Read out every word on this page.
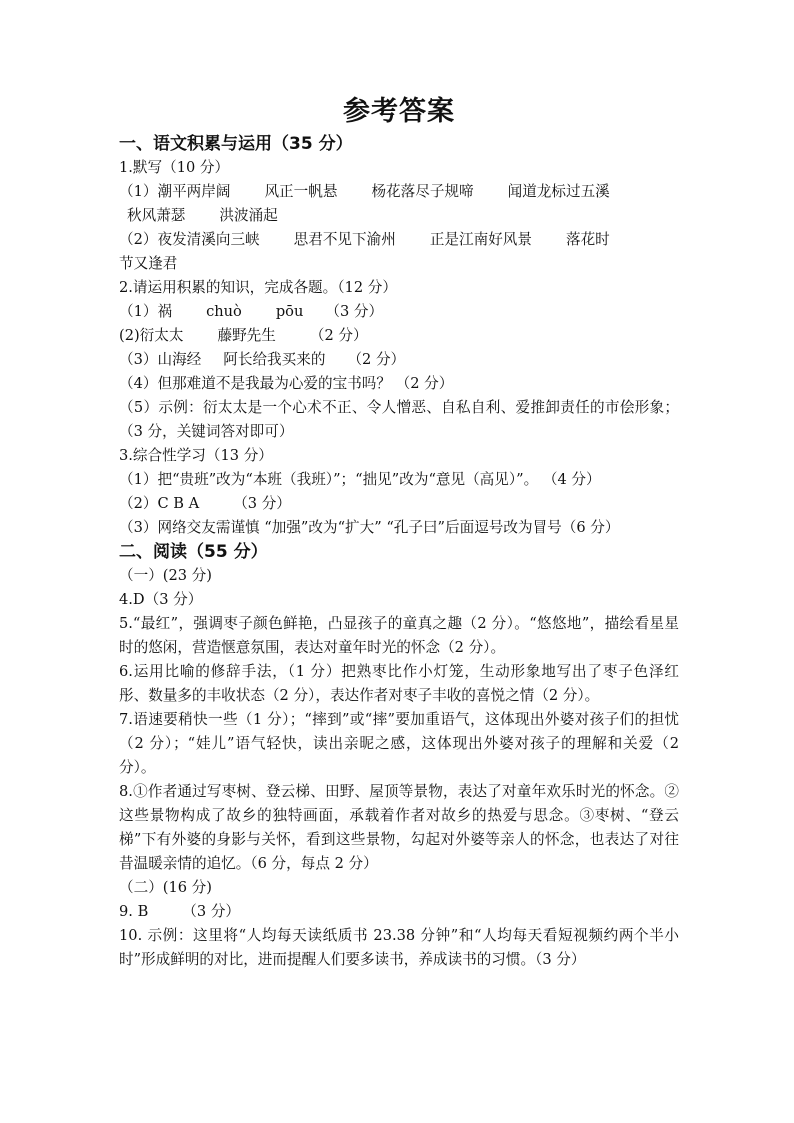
参考答案
一、语文积累与运用（35 分）
1.默写（10 分）
（1）潮平两岸阔 风正一帆悬 杨花落尽子规啼 闻道龙标过五溪
秋风萧瑟 洪波涌起
（2）夜发清溪向三峡 思君不见下渝州 正是江南好风景 落花时
节又逢君
2.请运用积累的知识，完成各题。（12 分）
（1）祸 chuò pōu （3 分）
(2)衍太太 藤野先生 （2 分）
（3）山海经 阿长给我买来的 （2 分）
（4）但那难道不是我最为心爱的宝书吗？ （2 分）
（5）示例：衍太太是一个心术不正、令人憎恶、自私自利、爱推卸责任的市侩形象；（3 分，关键词答对即可）
3.综合性学习（13 分）
（1）把“贵班”改为“本班（我班）”；“拙见”改为“意见（高见）”。 （4 分）
（2）C B A （3 分）
（3）网络交友需谨慎 “加强”改为“扩大” “孔子曰”后面逗号改为冒号（6 分）
二、阅读（55 分）
（一）(23 分)
4.D（3 分）
5.“最红”，强调枣子颜色鲜艳，凸显孩子的童真之趣（2 分）。“悠悠地”，描绘看星星时的悠闲，营造惬意氛围，表达对童年时光的怀念（2 分）。
6.运用比喻的修辞手法，（1 分）把熟枣比作小灯笼，生动形象地写出了枣子色泽红彤、数量多的丰收状态（2 分），表达作者对枣子丰收的喜悦之情（2 分）。
7.语速要稍快一些（1 分）；“摔到”或“摔”要加重语气，这体现出外婆对孩子们的担忧（2 分）；“娃儿”语气轻快，读出亲昵之感，这体现出外婆对孩子的理解和关爱（2 分）。
8.①作者通过写枣树、登云梯、田野、屋顶等景物，表达了对童年欢乐时光的怀念。②这些景物构成了故乡的独特画面，承载着作者对故乡的热爱与思念。③枣树、“登云梯”下有外婆的身影与关怀，看到这些景物，勾起对外婆等亲人的怀念，也表达了对往昔温暖亲情的追忆。（6 分，每点 2 分）
（二）(16 分)
9. B （3 分）
10. 示例：这里将“人均每天读纸质书 23.38 分钟”和“人均每天看短视频约两个半小时”形成鲜明的对比，进而提醒人们要多读书，养成读书的习惯。（3 分）
